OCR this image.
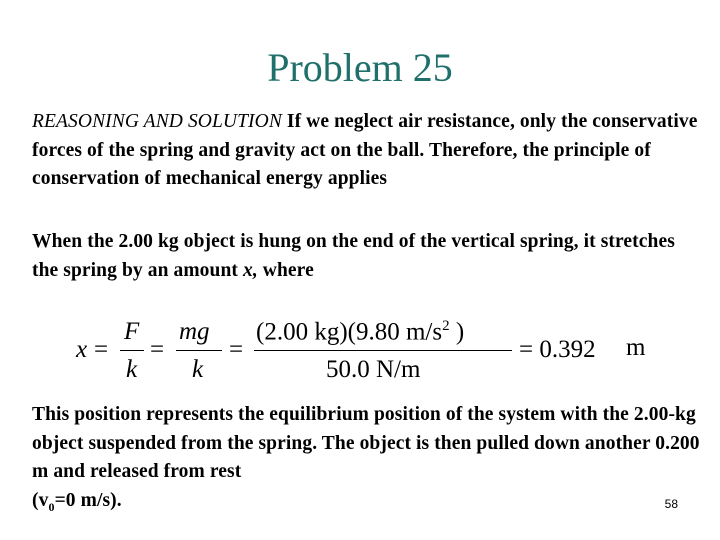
Problem 25
REASONING AND SOLUTION If we neglect air resistance, only the conservative forces of the spring and gravity act on the ball. Therefore, the principle of conservation of mechanical energy applies
When the 2.00 kg object is hung on the end of the vertical spring, it stretches the spring by an amount x, where
x =
F
k
=
mg
k
=
(2.00 kg)(9.80 $m/s^2$ )
50.0 N/m
= 0.392 m
This position represents the equilibrium position of the system with the 2.00‑kg object suspended from the spring. The object is then pulled down another 0.200 m and released from rest
($v_0=0$ m/s).	58
